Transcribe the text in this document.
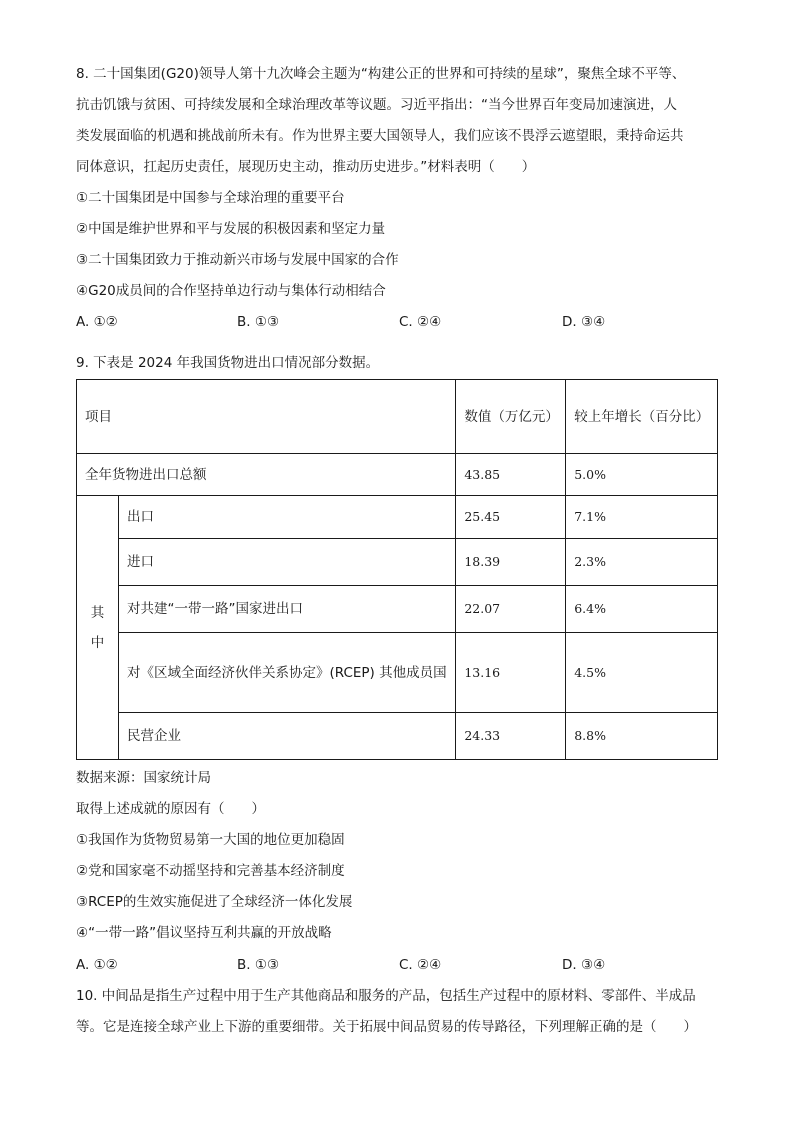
8. 二十国集团(G20)领导人第十九次峰会主题为“构建公正的世界和可持续的星球”，聚焦全球不平等、
抗击饥饿与贫困、可持续发展和全球治理改革等议题。习近平指出：“当今世界百年变局加速演进，人
类发展面临的机遇和挑战前所未有。作为世界主要大国领导人，我们应该不畏浮云遮望眼，秉持命运共
同体意识，扛起历史责任，展现历史主动，推动历史进步。”材料表明（　　）
①二十国集团是中国参与全球治理的重要平台
②中国是维护世界和平与发展的积极因素和坚定力量
③二十国集团致力于推动新兴市场与发展中国家的合作
④G20成员间的合作坚持单边行动与集体行动相结合
A. ①②	B. ①③	C. ②④	D. ③④
9. 下表是 2024 年我国货物进出口情况部分数据。
项目		数值（万亿元）	较上年增长（百分比）
全年货物进出口总额		43.85	5.0%

其
中	出口	25.45	7.1%
	进口	18.39	2.3%
	对共建“一带一路”国家进出口	22.07	6.4%
	对《区域全面经济伙伴关系协定》(RCEP) 其他成员国	13.16	4.5%
	民营企业	24.33	8.8%
数据来源：国家统计局
取得上述成就的原因有（　　）
①我国作为货物贸易第一大国的地位更加稳固
②党和国家毫不动摇坚持和完善基本经济制度
③RCEP的生效实施促进了全球经济一体化发展
④“一带一路”倡议坚持互利共赢的开放战略
A. ①②	B. ①③	C. ②④	D. ③④
10. 中间品是指生产过程中用于生产其他商品和服务的产品，包括生产过程中的原材料、零部件、半成品
等。它是连接全球产业上下游的重要细带。关于拓展中间品贸易的传导路径，下列理解正确的是（　　）
